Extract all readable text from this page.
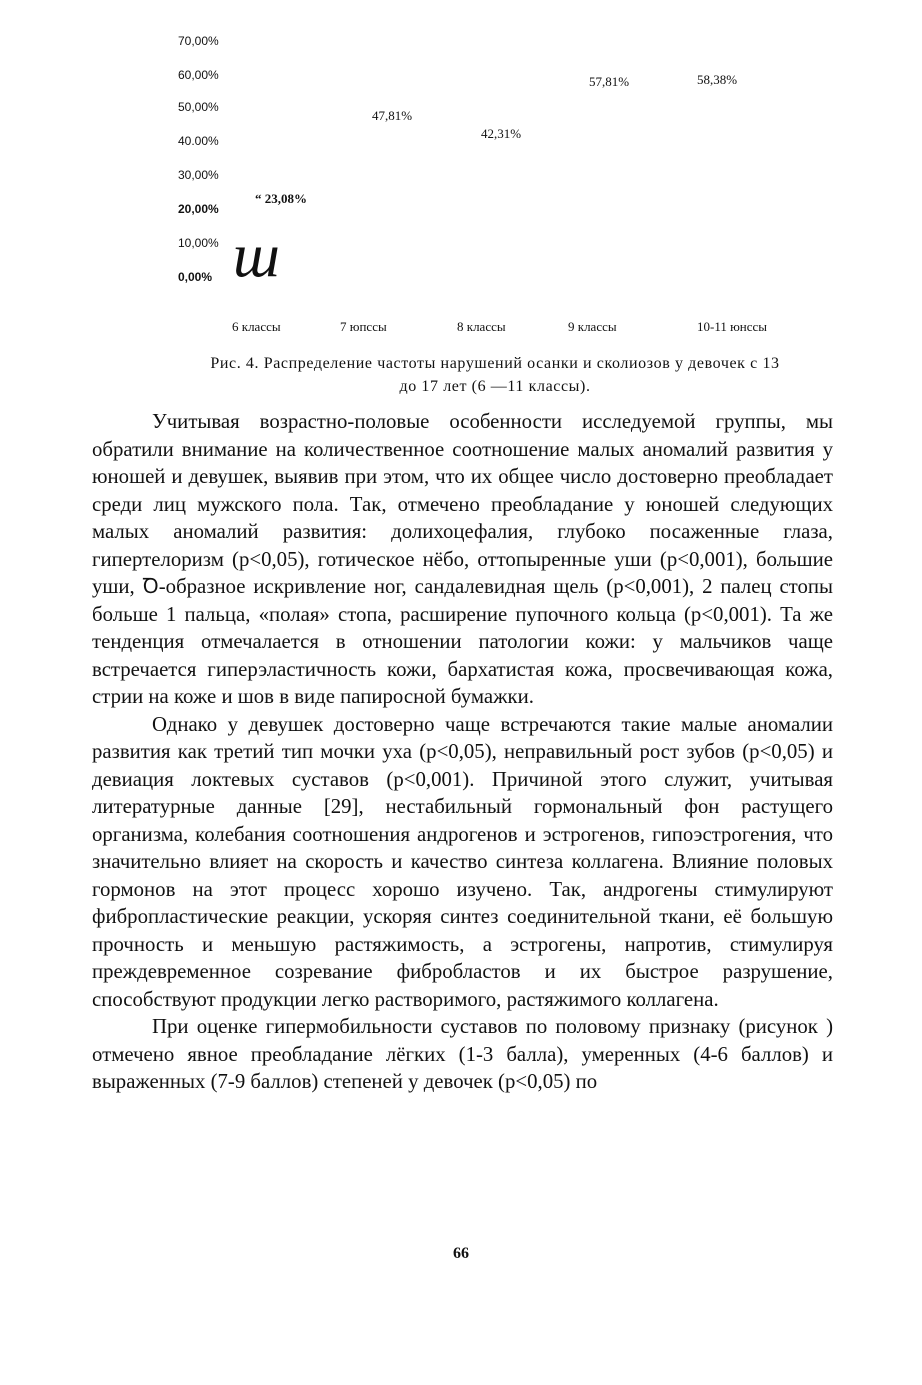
70,00%
60,00%
50,00%
40.00%
30,00%
20,00%
10,00%
0,00% ш
6 классы	7 юпссы	8 классы	9 классы	10-11 юнссы
“ 23,08%
47,81%
42,31%
57,81%	58,38%
Рис. 4. Распределение частоты нарушений осанки и сколиозов у девочек с 13
до 17 лет (6 —11 классы).

Учитывая возрастно-половые особенности исследуемой группы, мы обратили внимание на количественное соотношение малых аномалий развития у юношей и девушек, выявив при этом, что их общее число достоверно преобладает среди лиц мужского пола. Так, отмечено преобладание у юношей следующих малых аномалий развития: долихоцефалия, глубоко посаженные глаза, гипертелоризм (p<0,05), готическое нёбо, оттопыренные уши (p<0,001), большие уши, Ꝺ-образное искривление ног, сандалевидная щель (p<0,001), 2 палец стопы больше 1 пальца, «полая» стопа, расширение пупочного кольца (p<0,001). Та же тенденция отмечалается в отношении патологии кожи: у мальчиков чаще встречается гиперэластичность кожи, бархатистая кожа, просвечивающая кожа, стрии на коже и шов в виде папиросной бумажки.

Однако у девушек достоверно чаще встречаются такие малые аномалии развития как третий тип мочки уха (p<0,05), неправильный рост зубов (p<0,05) и девиация локтевых суставов (p<0,001). Причиной этого служит, учитывая литературные данные [29], нестабильный гормональный фон растущего организма, колебания соотношения андрогенов и эстрогенов, гипоэстрогения, что значительно влияет на скорость и качество синтеза коллагена. Влияние половых гормонов на этот процесс хорошо изучено. Так, андрогены стимулируют фибропластические реакции, ускоряя синтез соединительной ткани, её большую прочность и меньшую растяжимость, а эстрогены, напротив, стимулируя преждевременное созревание фибробластов и их быстрое разрушение, способствуют продукции легко растворимого, растяжимого коллагена.

При оценке гипермобильности суставов по половому признаку (рисунок ) отмечено явное преобладание лёгких (1-3 балла), умеренных (4-6 баллов) и выраженных (7-9 баллов) степеней у девочек (p<0,05) по

66
